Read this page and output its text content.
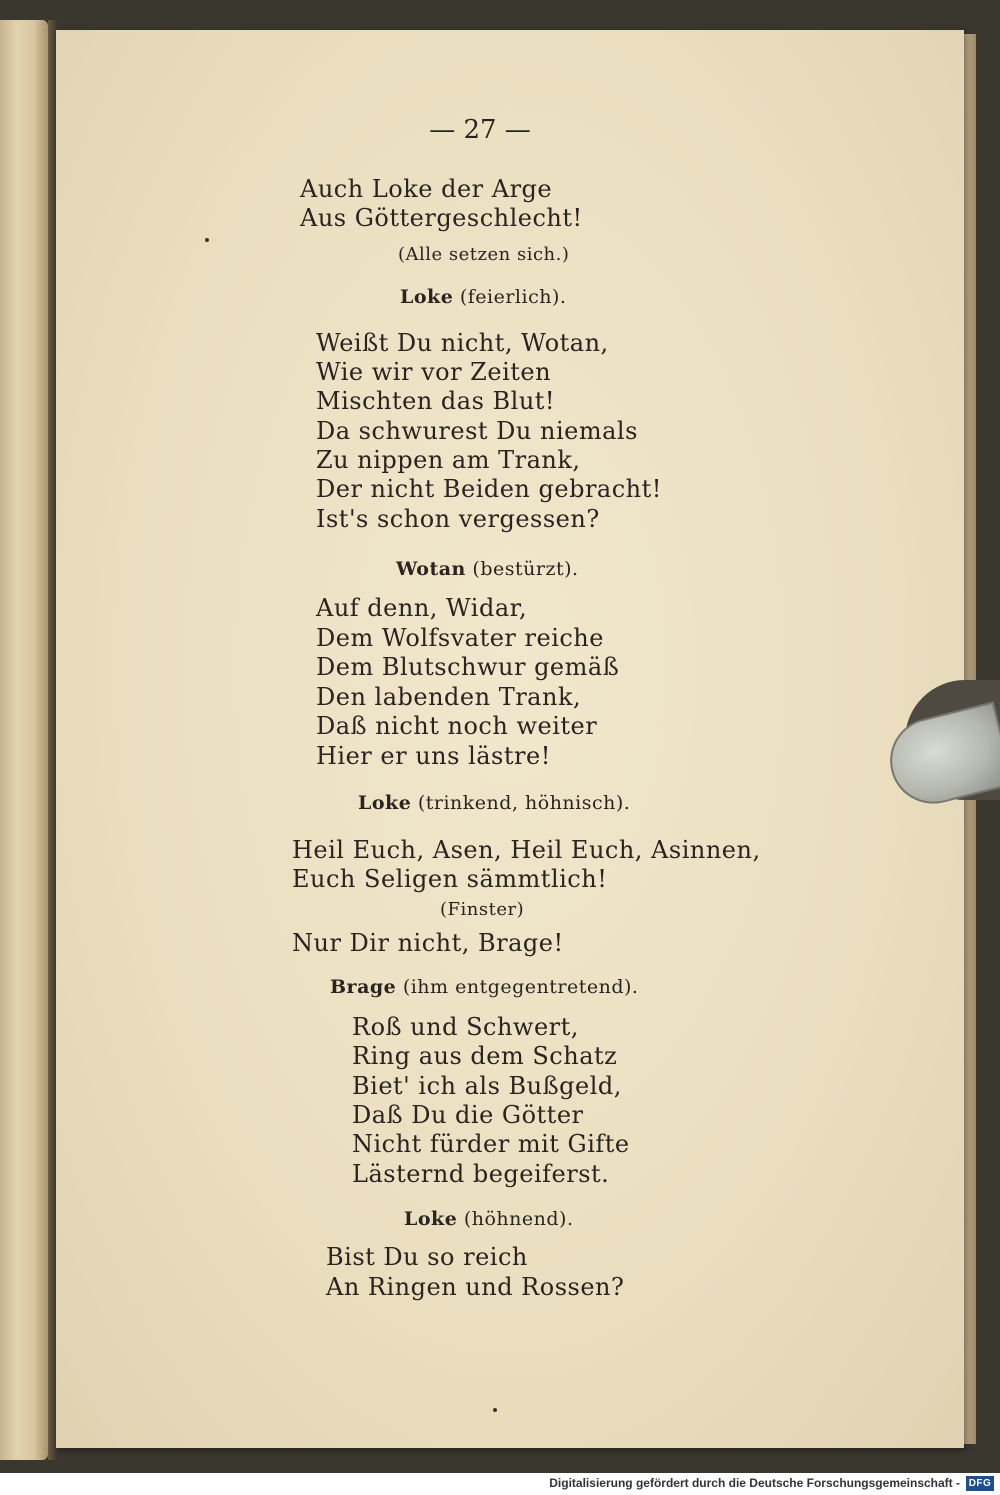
— 27 —
Auch Loke der Arge
Aus Göttergeschlecht!
(Alle setzen sich.)
Loke (feierlich).
Weißt Du nicht, Wotan,
Wie wir vor Zeiten
Mischten das Blut!
Da schwurest Du niemals
Zu nippen am Trank,
Der nicht Beiden gebracht!
Ist's schon vergessen?
Wotan (bestürzt).
Auf denn, Widar,
Dem Wolfsvater reiche
Dem Blutschwur gemäß
Den labenden Trank,
Daß nicht noch weiter
Hier er uns lästre!
Loke (trinkend, höhnisch).
Heil Euch, Asen, Heil Euch, Asinnen,
Euch Seligen sämmtlich!
(Finster)
Nur Dir nicht, Brage!
Brage (ihm entgegentretend).
Roß und Schwert,
Ring aus dem Schatz
Biet' ich als Bußgeld,
Daß Du die Götter
Nicht fürder mit Gifte
Lästernd begeiferst.
Loke (höhnend).
Bist Du so reich
An Ringen und Rossen?
Digitalisierung gefördert durch die Deutsche Forschungsgemeinschaft - DFG
